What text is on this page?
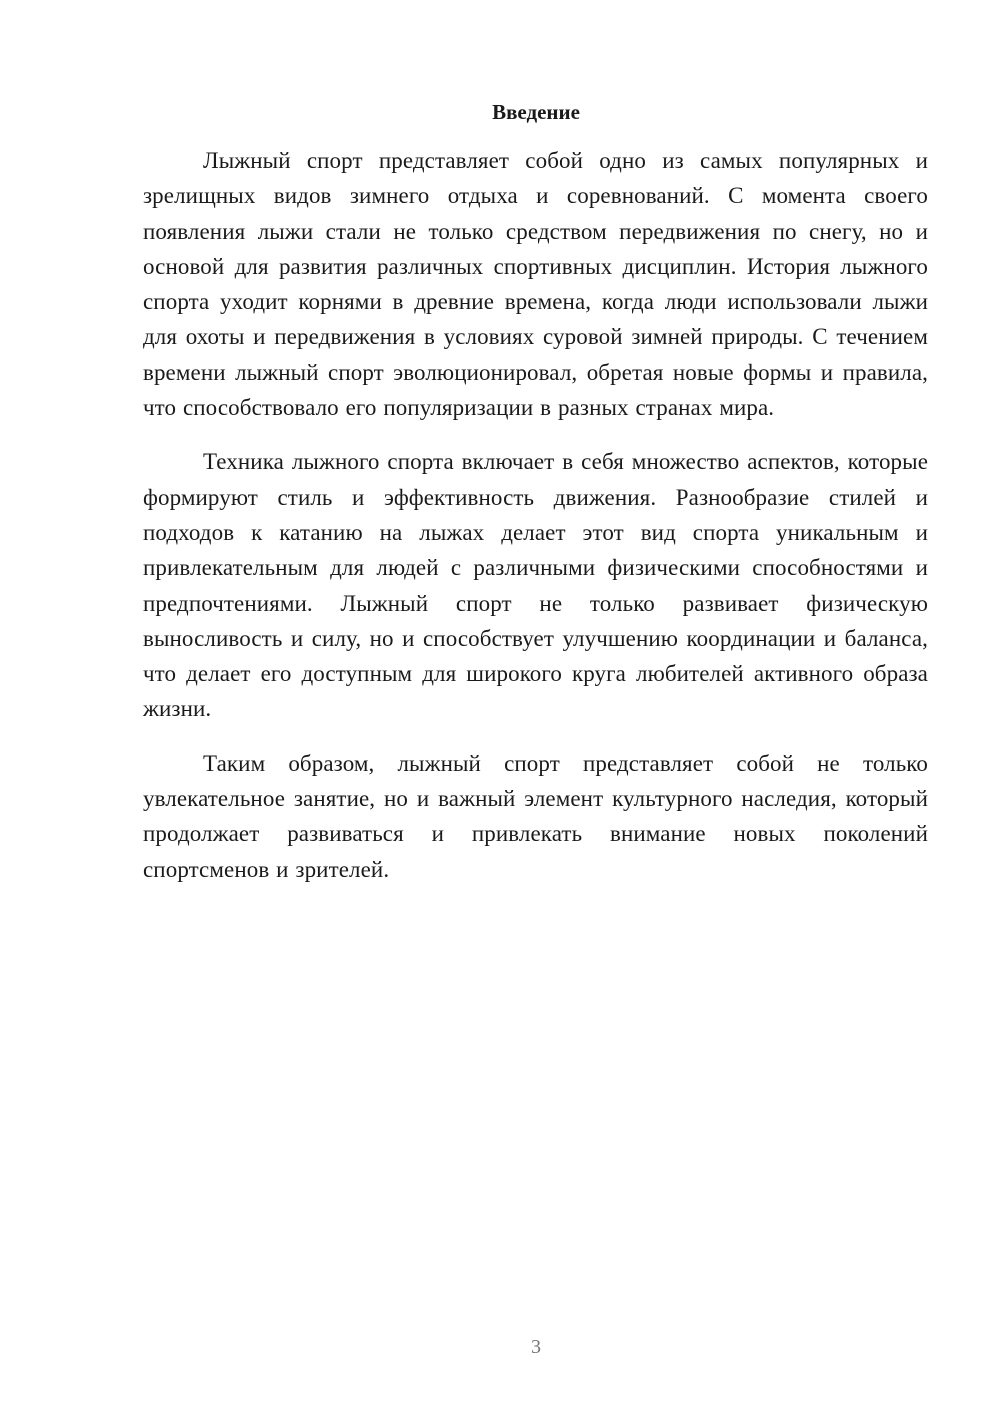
Введение

Лыжный спорт представляет собой одно из самых популярных и зрелищных видов зимнего отдыха и соревнований. С момента своего появления лыжи стали не только средством передвижения по снегу, но и основой для развития различных спортивных дисциплин. История лыжного спорта уходит корнями в древние времена, когда люди использовали лыжи для охоты и передвижения в условиях суровой зимней природы. С течением времени лыжный спорт эволюционировал, обретая новые формы и правила, что способствовало его популяризации в разных странах мира.

Техника лыжного спорта включает в себя множество аспектов, которые формируют стиль и эффективность движения. Разнообразие стилей и подходов к катанию на лыжах делает этот вид спорта уникальным и привлекательным для людей с различными физическими способностями и предпочтениями. Лыжный спорт не только развивает физическую выносливость и силу, но и способствует улучшению координации и баланса, что делает его доступным для широкого круга любителей активного образа жизни.

Таким образом, лыжный спорт представляет собой не только увлекательное занятие, но и важный элемент культурного наследия, который продолжает развиваться и привлекать внимание новых поколений спортсменов и зрителей.

3
